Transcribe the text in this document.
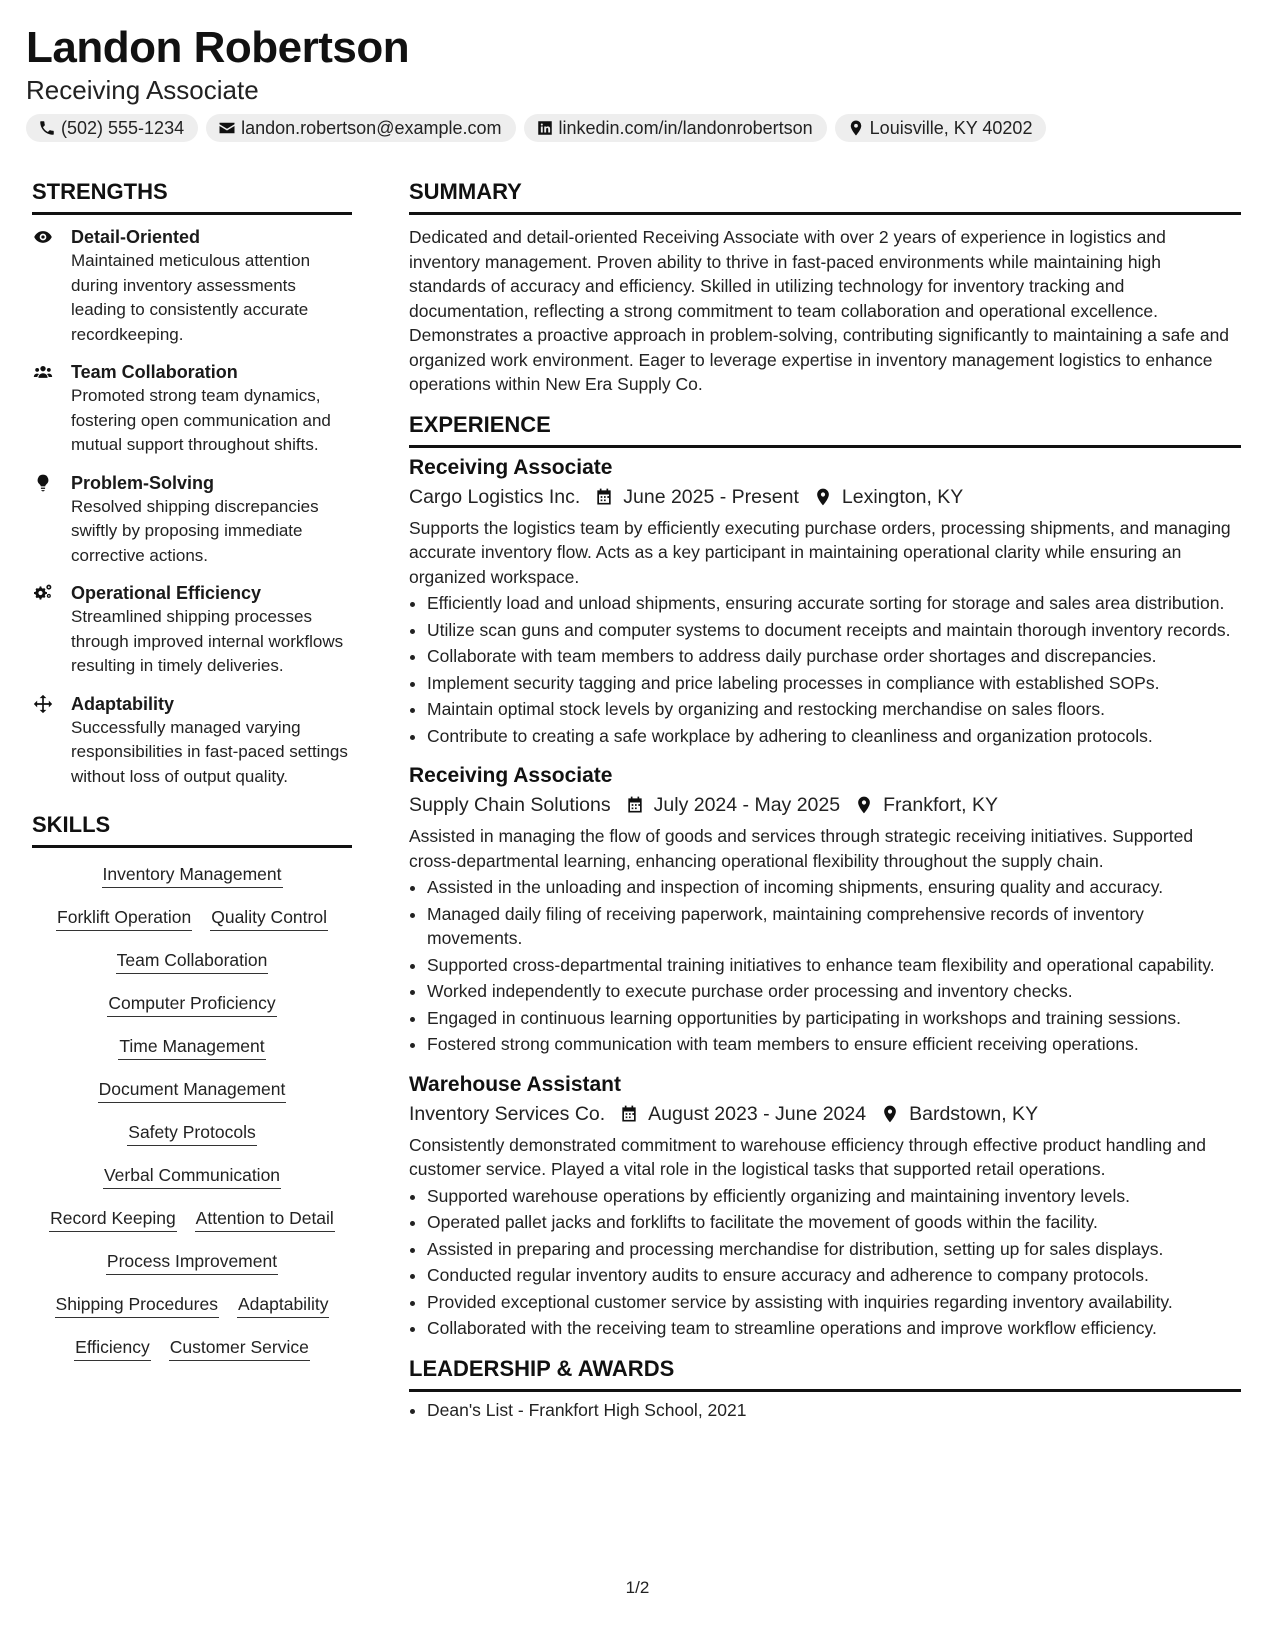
Landon Robertson
Receiving Associate
(502) 555-1234	landon.robertson@example.com	linkedin.com/in/landonrobertson	Louisville, KY 40202
STRENGTHS
Detail-Oriented
Maintained meticulous attention during inventory assessments leading to consistently accurate recordkeeping.
Team Collaboration
Promoted strong team dynamics, fostering open communication and mutual support throughout shifts.
Problem-Solving
Resolved shipping discrepancies swiftly by proposing immediate corrective actions.
Operational Efficiency
Streamlined shipping processes through improved internal workflows resulting in timely deliveries.
Adaptability
Successfully managed varying responsibilities in fast-paced settings without loss of output quality.
SKILLS
Inventory Management
Forklift Operation Quality Control
Team Collaboration
Computer Proficiency
Time Management
Document Management
Safety Protocols
Verbal Communication
Record Keeping Attention to Detail
Process Improvement
Shipping Procedures Adaptability
Efficiency Customer Service
SUMMARY

Dedicated and detail-oriented Receiving Associate with over 2 years of experience in logistics and inventory management. Proven ability to thrive in fast-paced environments while maintaining high standards of accuracy and efficiency. Skilled in utilizing technology for inventory tracking and documentation, reflecting a strong commitment to team collaboration and operational excellence. Demonstrates a proactive approach in problem-solving, contributing significantly to maintaining a safe and organized work environment. Eager to leverage expertise in inventory management logistics to enhance operations within New Era Supply Co.

EXPERIENCE
Receiving Associate
Cargo Logistics Inc. June 2025 - Present Lexington, KY
Supports the logistics team by efficiently executing purchase orders, processing shipments, and managing accurate inventory flow. Acts as a key participant in maintaining operational clarity while ensuring an organized workspace.
• Efficiently load and unload shipments, ensuring accurate sorting for storage and sales area distribution.
• Utilize scan guns and computer systems to document receipts and maintain thorough inventory records.
• Collaborate with team members to address daily purchase order shortages and discrepancies.
• Implement security tagging and price labeling processes in compliance with established SOPs.
• Maintain optimal stock levels by organizing and restocking merchandise on sales floors.
• Contribute to creating a safe workplace by adhering to cleanliness and organization protocols.
Receiving Associate
Supply Chain Solutions July 2024 - May 2025 Frankfort, KY
Assisted in managing the flow of goods and services through strategic receiving initiatives. Supported cross-departmental learning, enhancing operational flexibility throughout the supply chain.
• Assisted in the unloading and inspection of incoming shipments, ensuring quality and accuracy.
• Managed daily filing of receiving paperwork, maintaining comprehensive records of inventory movements.
• Supported cross-departmental training initiatives to enhance team flexibility and operational capability.
• Worked independently to execute purchase order processing and inventory checks.
• Engaged in continuous learning opportunities by participating in workshops and training sessions.
• Fostered strong communication with team members to ensure efficient receiving operations.
Warehouse Assistant
Inventory Services Co. August 2023 - June 2024 Bardstown, KY
Consistently demonstrated commitment to warehouse efficiency through effective product handling and customer service. Played a vital role in the logistical tasks that supported retail operations.
• Supported warehouse operations by efficiently organizing and maintaining inventory levels.
• Operated pallet jacks and forklifts to facilitate the movement of goods within the facility.
• Assisted in preparing and processing merchandise for distribution, setting up for sales displays.
• Conducted regular inventory audits to ensure accuracy and adherence to company protocols.
• Provided exceptional customer service by assisting with inquiries regarding inventory availability.
• Collaborated with the receiving team to streamline operations and improve workflow efficiency.
LEADERSHIP & AWARDS
• Dean's List - Frankfort High School, 2021
1/2
